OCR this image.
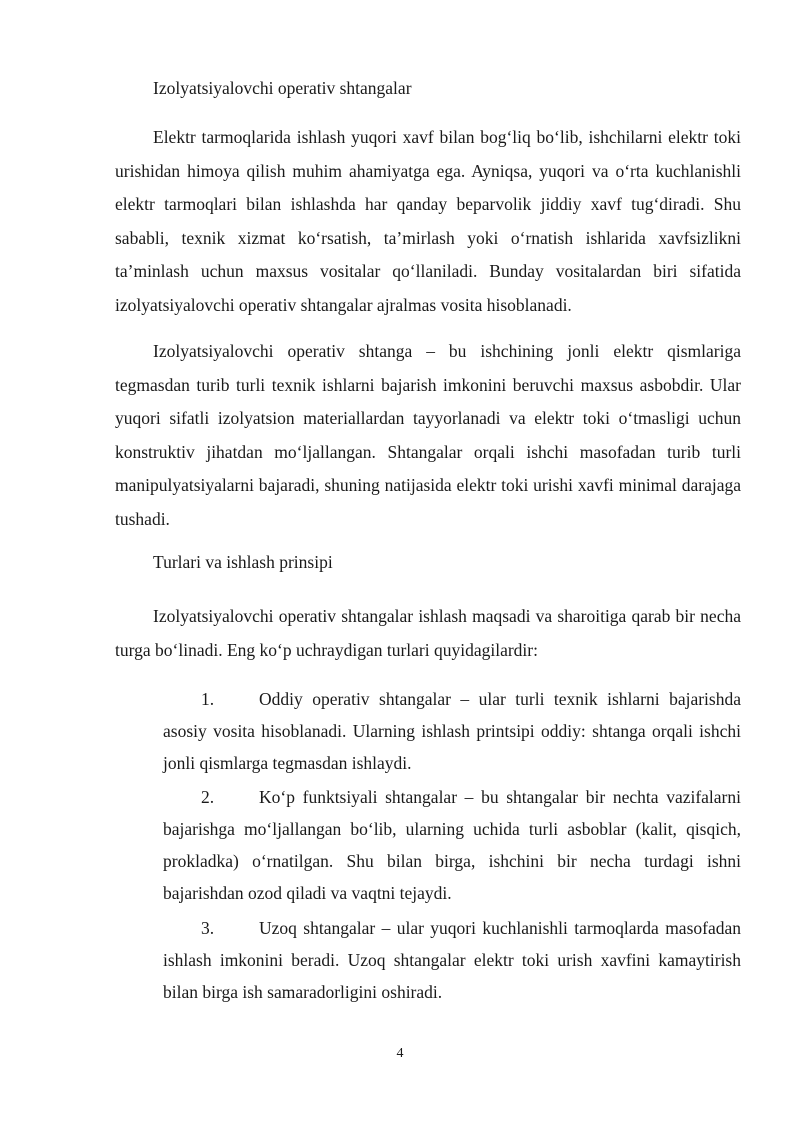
Izolyatsiyalovchi operativ shtangalar

Elektr tarmoqlarida ishlash yuqori xavf bilan bog‘liq bo‘lib, ishchilarni elektr toki urishidan himoya qilish muhim ahamiyatga ega. Ayniqsa, yuqori va o‘rta kuchlanishli elektr tarmoqlari bilan ishlashda har qanday beparvolik jiddiy xavf tug‘diradi. Shu sababli, texnik xizmat ko‘rsatish, ta’mirlash yoki o‘rnatish ishlarida xavfsizlikni ta’minlash uchun maxsus vositalar qo‘llaniladi. Bunday vositalardan biri sifatida izolyatsiyalovchi operativ shtangalar ajralmas vosita hisoblanadi.

Izolyatsiyalovchi operativ shtanga – bu ishchining jonli elektr qismlariga tegmasdan turib turli texnik ishlarni bajarish imkonini beruvchi maxsus asbobdir. Ular yuqori sifatli izolyatsion materiallardan tayyorlanadi va elektr toki o‘tmasligi uchun konstruktiv jihatdan mo‘ljallangan. Shtangalar orqali ishchi masofadan turib turli manipulyatsiyalarni bajaradi, shuning natijasida elektr toki urishi xavfi minimal darajaga tushadi.

Turlari va ishlash prinsipi

Izolyatsiyalovchi operativ shtangalar ishlash maqsadi va sharoitiga qarab bir necha turga bo‘linadi. Eng ko‘p uchraydigan turlari quyidagilardir:

1.	Oddiy operativ shtangalar – ular turli texnik ishlarni bajarishda asosiy vosita hisoblanadi. Ularning ishlash printsipi oddiy: shtanga orqali ishchi jonli qismlarga tegmasdan ishlaydi.

2.	Ko‘p funktsiyali shtangalar – bu shtangalar bir nechta vazifalarni bajarishga mo‘ljallangan bo‘lib, ularning uchida turli asboblar (kalit, qisqich, prokladka) o‘rnatilgan. Shu bilan birga, ishchini bir necha turdagi ishni bajarishdan ozod qiladi va vaqtni tejaydi.

3.	Uzoq shtangalar – ular yuqori kuchlanishli tarmoqlarda masofadan ishlash imkonini beradi. Uzoq shtangalar elektr toki urish xavfini kamaytirish bilan birga ish samaradorligini oshiradi.

4
